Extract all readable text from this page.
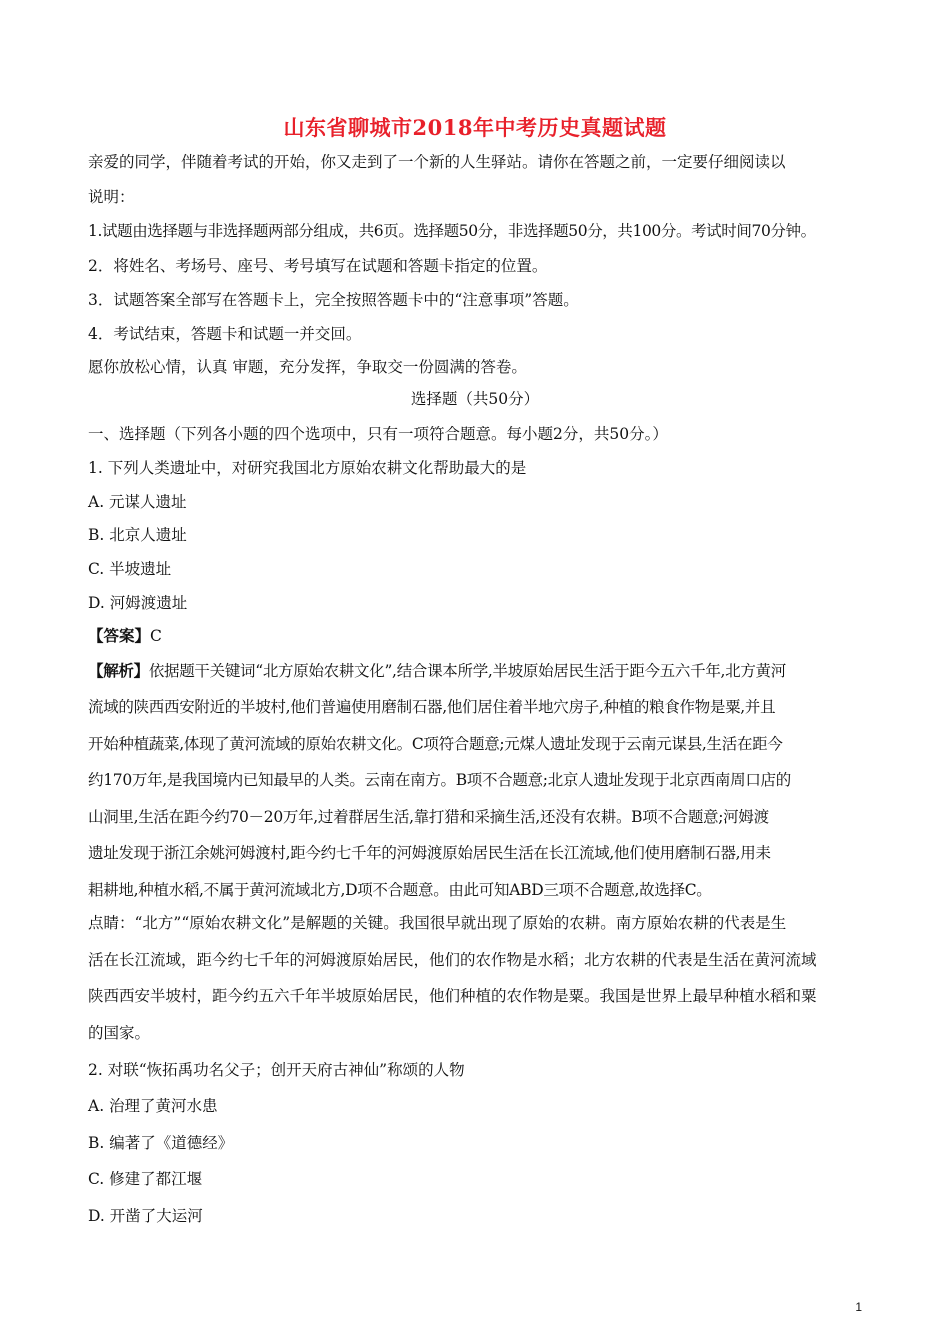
山东省聊城市2018年中考历史真题试题
亲爱的同学，伴随着考试的开始，你又走到了一个新的人生驿站。请你在答题之前，一定要仔细阅读以
说明：
1.试题由选择题与非选择题两部分组成，共6页。选择题50分，非选择题50分，共100分。考试时间70分钟。
2．将姓名、考场号、座号、考号填写在试题和答题卡指定的位置。
3．试题答案全部写在答题卡上，完全按照答题卡中的“注意事项”答题。
4．考试结束，答题卡和试题一并交回。
愿你放松心情，认真 审题，充分发挥，争取交一份圆满的答卷。
选择题（共50分）
一、选择题（下列各小题的四个选项中，只有一项符合题意。每小题2分，共50分。）
1. 下列人类遗址中，对研究我国北方原始农耕文化帮助最大的是
A. 元谋人遗址
B. 北京人遗址
C. 半坡遗址
D. 河姆渡遗址
【答案】C
【解析】依据题干关键词“北方原始农耕文化”,结合课本所学,半坡原始居民生活于距今五六千年,北方黄河
流域的陕西西安附近的半坡村,他们普遍使用磨制石器,他们居住着半地穴房子,种植的粮食作物是粟,并且
开始种植蔬菜,体现了黄河流域的原始农耕文化。C项符合题意;元煤人遗址发现于云南元谋县,生活在距今
约170万年,是我国境内已知最早的人类。云南在南方。B项不合题意;北京人遗址发现于北京西南周口店的
山洞里,生活在距今约70－20万年,过着群居生活,靠打猎和采摘生活,还没有农耕。B项不合题意;河姆渡
遗址发现于浙江余姚河姆渡村,距今约七千年的河姆渡原始居民生活在长江流域,他们使用磨制石器,用耒
耜耕地,种植水稻,不属于黄河流域北方,D项不合题意。由此可知ABD三项不合题意,故选择C。
点睛：“北方”“原始农耕文化”是解题的关键。我国很早就出现了原始的农耕。南方原始农耕的代表是生
活在长江流域，距今约七千年的河姆渡原始居民，他们的农作物是水稻；北方农耕的代表是生活在黄河流域
陕西西安半坡村，距今约五六千年半坡原始居民，他们种植的农作物是粟。我国是世界上最早种植水稻和粟
的国家。
2. 对联“恢拓禹功名父子；创开天府古神仙”称颂的人物
A. 治理了黄河水患
B. 编著了《道德经》
C. 修建了都江堰
D. 开凿了大运河
1
